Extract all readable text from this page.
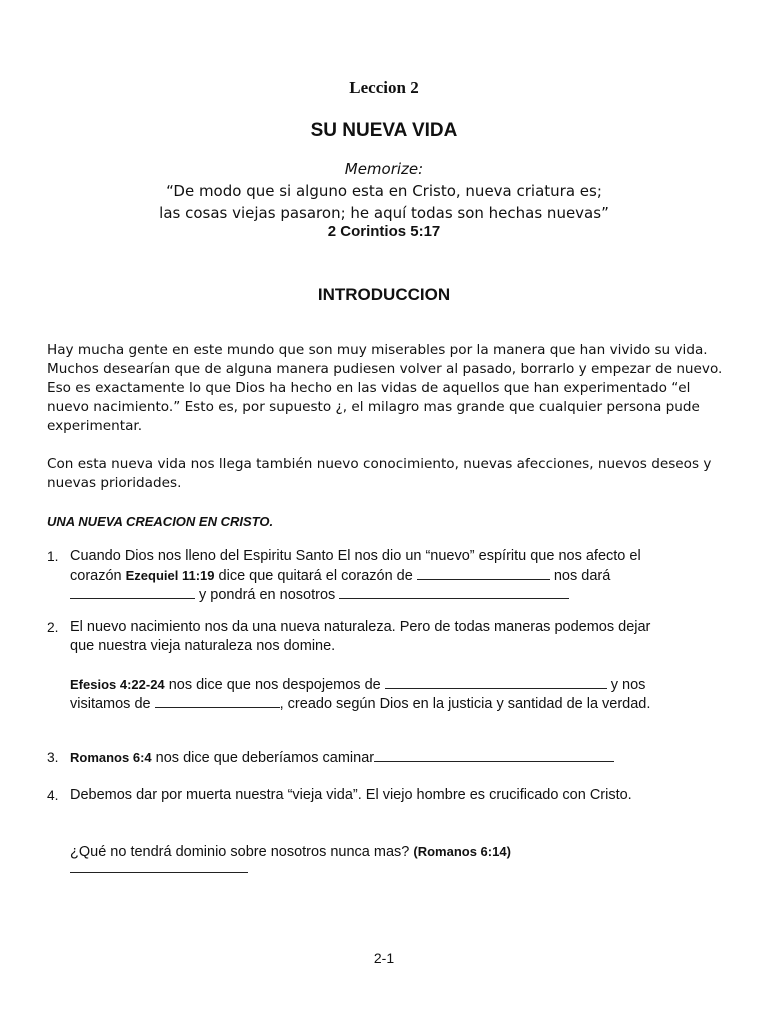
Leccion 2
SU NUEVA VIDA
Memorize:
“De modo que si alguno esta en Cristo, nueva criatura es;
las cosas viejas pasaron; he aquí todas son hechas nuevas”
2 Corintios 5:17
INTRODUCCION

Hay mucha gente en este mundo que son muy miserables por la manera que han vivido su vida. Muchos desearían que de alguna manera pudiesen volver al pasado, borrarlo y empezar de nuevo. Eso es exactamente lo que Dios ha hecho en las vidas de aquellos que han experimentado “el nuevo nacimiento.” Esto es, por supuesto ¿, el milagro mas grande que cualquier persona pude experimentar.

Con esta nueva vida nos llega también nuevo conocimiento, nuevas afecciones, nuevos deseos y nuevas prioridades.

UNA NUEVA CREACION EN CRISTO.
1. Cuando Dios nos lleno del Espiritu Santo El nos dio un “nuevo” espíritu que nos afecto el corazón Ezequiel 11:19 dice que quitará el corazón de	nos dará  y pondrá en nosotros
2. El nuevo nacimiento nos da una nueva naturaleza. Pero de todas maneras podemos dejar que nuestra vieja naturaleza nos domine.
Efesios 4:22-24 nos dice que nos despojemos de	y nos visitamos de	, creado según Dios en la justicia y santidad de la verdad.
3. Romanos 6:4 nos dice que deberíamos caminar
4. Debemos dar por muerta nuestra “vieja vida”. El viejo hombre es crucificado con Cristo.
¿Qué no tendrá dominio sobre nosotros nunca mas? (Romanos 6:14)
2-1
